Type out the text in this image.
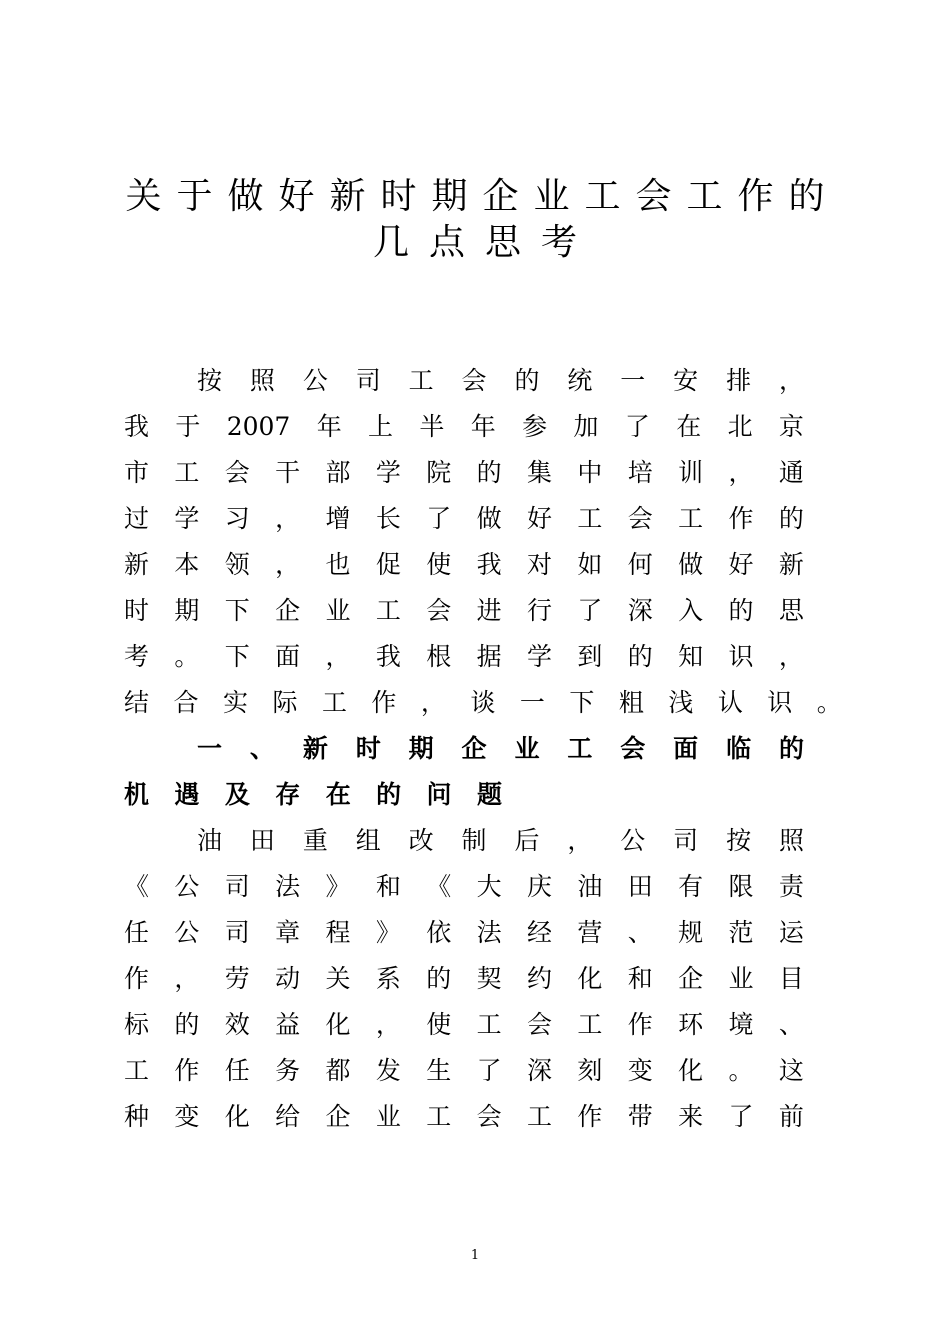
关于做好新时期企业工会工作的
几点思考
按 照 公 司 工 会 的 统 一 安 排 ，
我 于 2007 年 上 半 年 参 加 了 在 北 京
市 工 会 干 部 学 院 的 集 中 培 训 ， 通
过 学 习 ， 增 长 了 做 好 工 会 工 作 的
新 本 领 ， 也 促 使 我 对 如 何 做 好 新
时 期 下 企 业 工 会 进 行 了 深 入 的 思
考 。 下 面 ， 我 根 据 学 到 的 知 识 ，
结 合 实 际 工 作 ， 谈 一 下 粗 浅 认 识 。
一 、 新 时 期 企 业 工 会 面 临 的
机 遇 及 存 在 的 问 题
油 田 重 组 改 制 后 ， 公 司 按 照
《 公 司 法 》 和 《 大 庆 油 田 有 限 责
任 公 司 章 程 》 依 法 经 营 、 规 范 运
作 ， 劳 动 关 系 的 契 约 化 和 企 业 目
标 的 效 益 化 ， 使 工 会 工 作 环 境 、
工 作 任 务 都 发 生 了 深 刻 变 化 。 这
种 变 化 给 企 业 工 会 工 作 带 来 了 前
1
